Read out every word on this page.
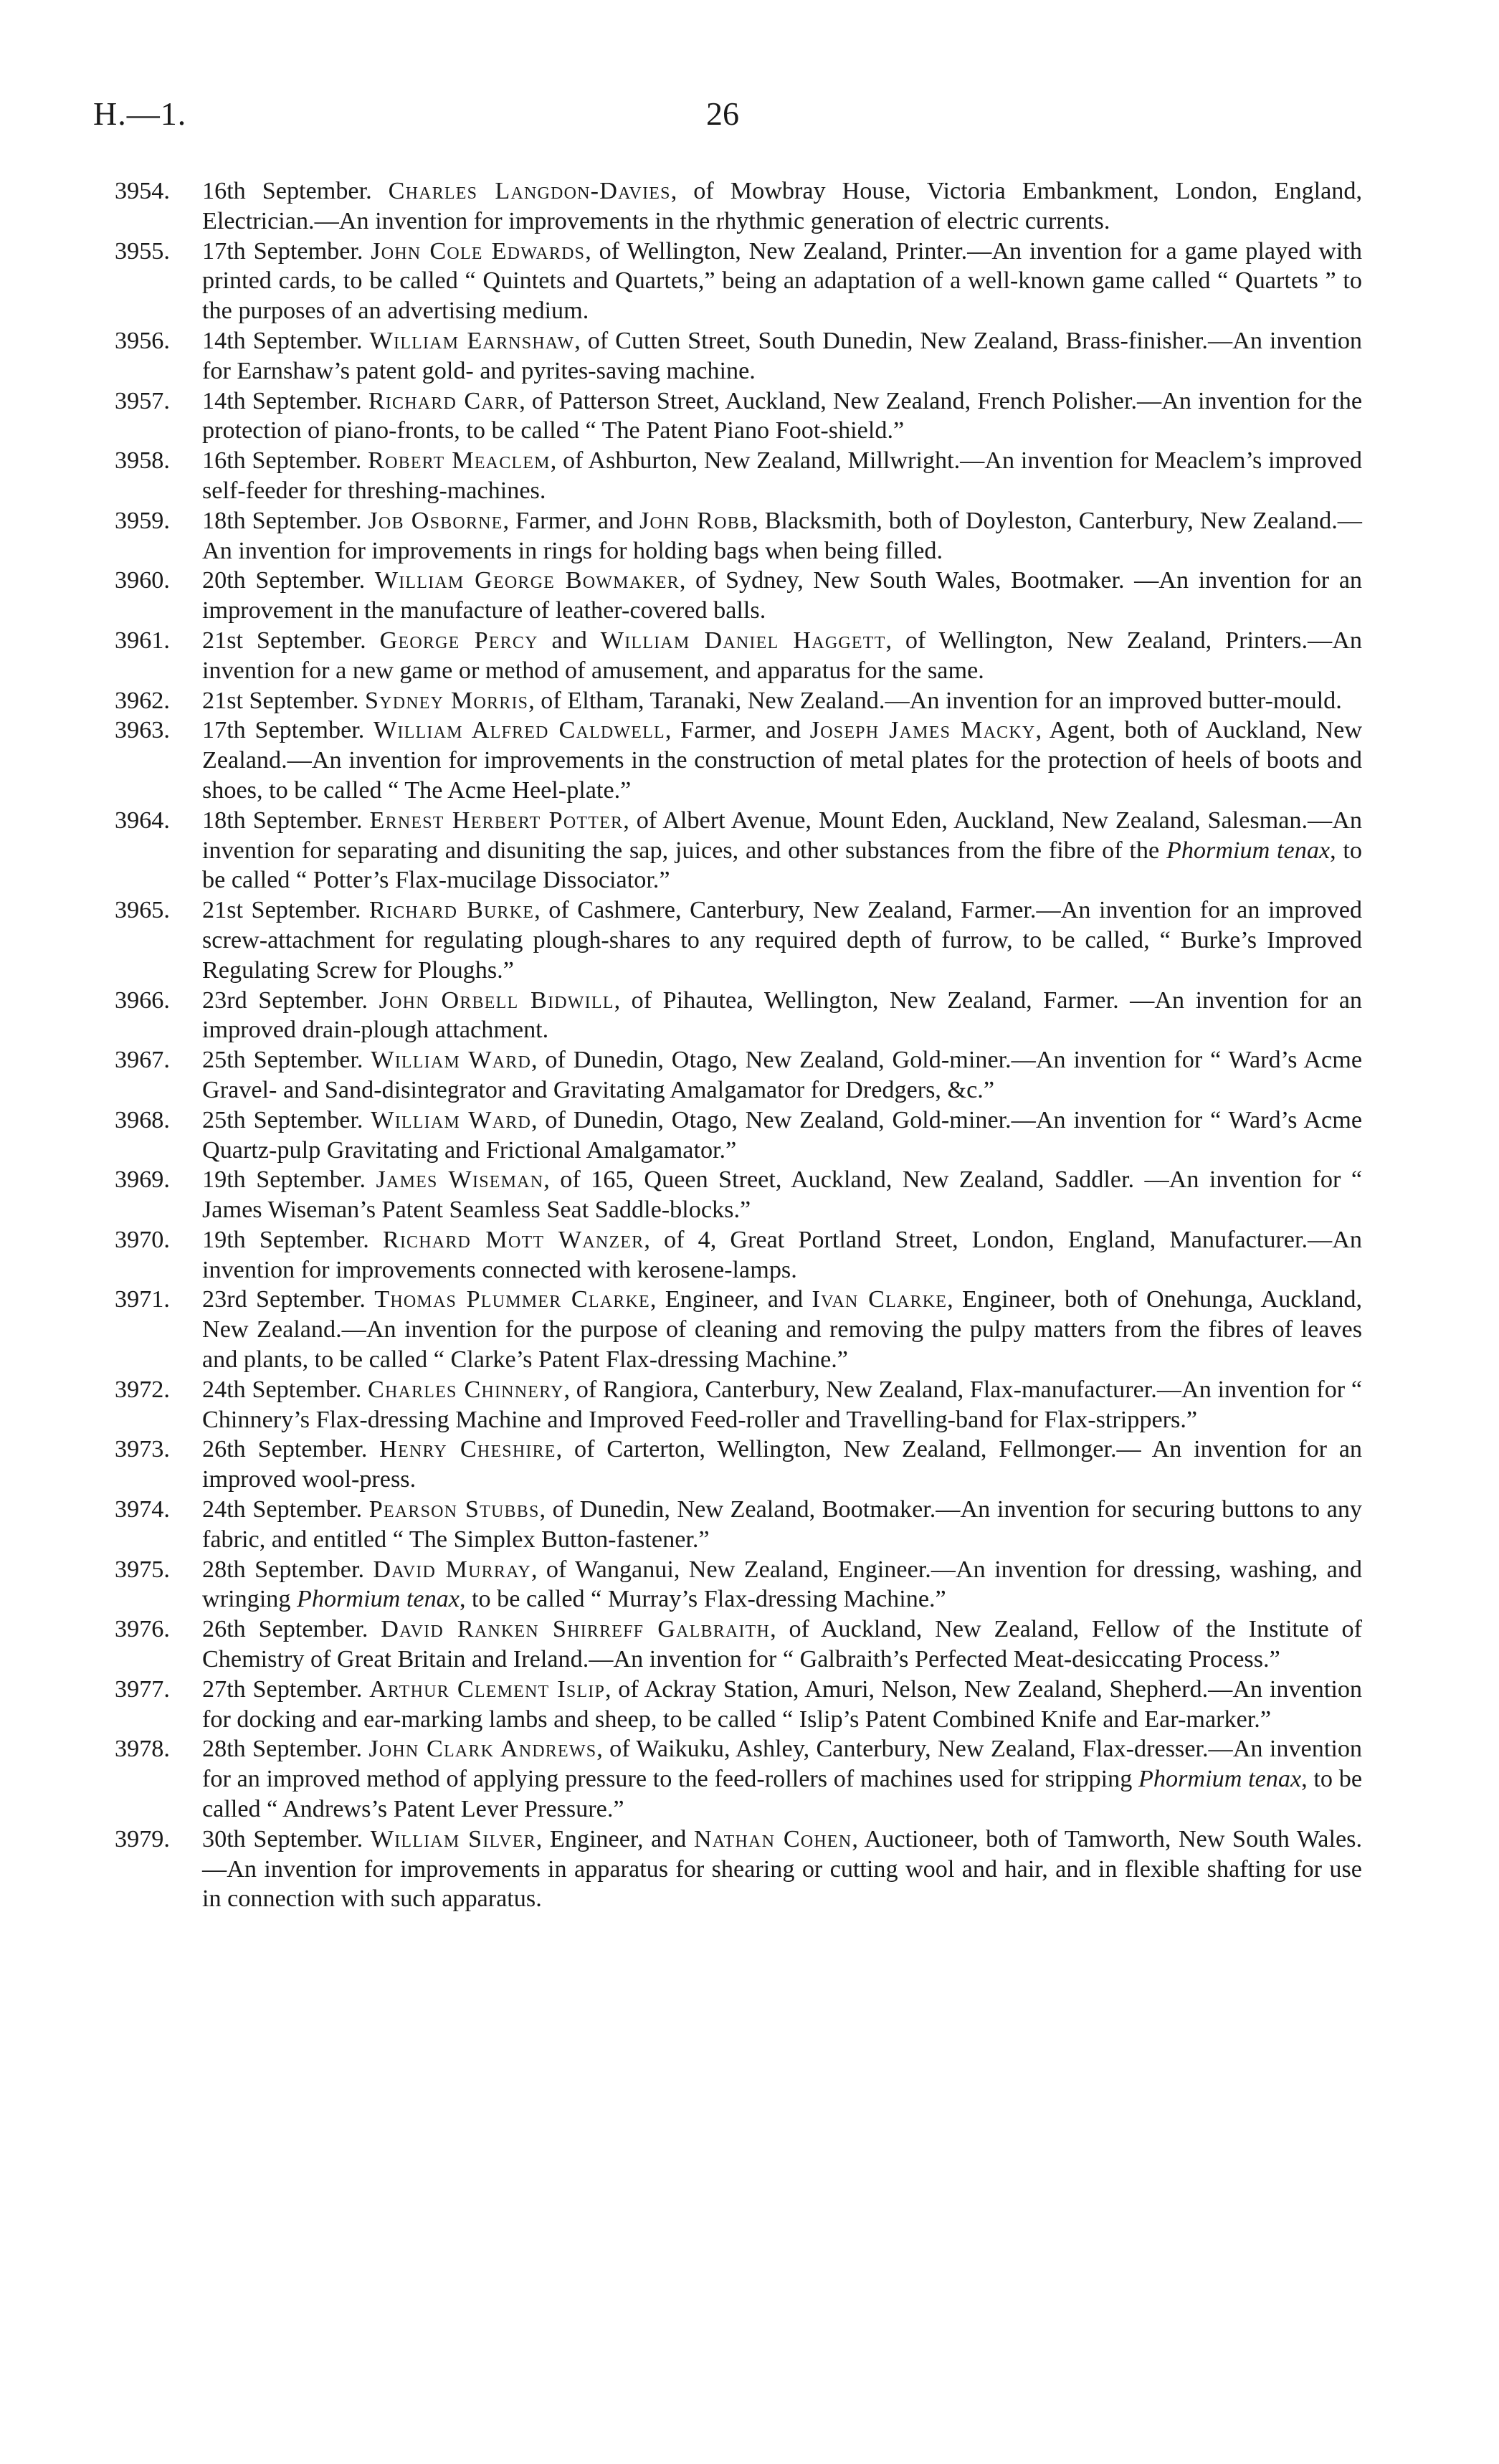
H.—1.	26

3954. 16th September. Charles Langdon-Davies, of Mowbray House, Victoria Embankment, London, England, Electrician.—An invention for improvements in the rhythmic generation of electric currents.

3955. 17th September. John Cole Edwards, of Wellington, New Zealand, Printer.—An invention for a game played with printed cards, to be called “ Quintets and Quartets,” being an adaptation of a well-known game called “ Quartets ” to the purposes of an advertising medium.

3956. 14th September. William Earnshaw, of Cutten Street, South Dunedin, New Zealand, Brass-finisher.—An invention for Earnshaw’s patent gold- and pyrites-saving machine.

3957. 14th September. Richard Carr, of Patterson Street, Auckland, New Zealand, French Polisher.—An invention for the protection of piano-fronts, to be called “ The Patent Piano Foot-shield.”

3958. 16th September. Robert Meaclem, of Ashburton, New Zealand, Millwright.—An invention for Meaclem’s improved self-feeder for threshing-machines.

3959. 18th September. Job Osborne, Farmer, and John Robb, Blacksmith, both of Doyleston, Canterbury, New Zealand.—An invention for improvements in rings for holding bags when being filled.

3960. 20th September. William George Bowmaker, of Sydney, New South Wales, Bootmaker. —An invention for an improvement in the manufacture of leather-covered balls.

3961. 21st September. George Percy and William Daniel Haggett, of Wellington, New Zealand, Printers.—An invention for a new game or method of amusement, and apparatus for the same.

3962. 21st September. Sydney Morris, of Eltham, Taranaki, New Zealand.—An invention for an improved butter-mould.

3963. 17th September. William Alfred Caldwell, Farmer, and Joseph James Macky, Agent, both of Auckland, New Zealand.—An invention for improvements in the construction of metal plates for the protection of heels of boots and shoes, to be called “ The Acme Heel-plate.”

3964. 18th September. Ernest Herbert Potter, of Albert Avenue, Mount Eden, Auckland, New Zealand, Salesman.—An invention for separating and disuniting the sap, juices, and other substances from the fibre of the Phormium tenax, to be called “ Potter’s Flax-mucilage Dissociator.”

3965. 21st September. Richard Burke, of Cashmere, Canterbury, New Zealand, Farmer.—An invention for an improved screw-attachment for regulating plough-shares to any required depth of furrow, to be called, “ Burke’s Improved Regulating Screw for Ploughs.”

3966. 23rd September. John Orbell Bidwill, of Pihautea, Wellington, New Zealand, Farmer. —An invention for an improved drain-plough attachment.

3967. 25th September. William Ward, of Dunedin, Otago, New Zealand, Gold-miner.—An invention for “ Ward’s Acme Gravel- and Sand-disintegrator and Gravitating Amalgamator for Dredgers, &c.”

3968. 25th September. William Ward, of Dunedin, Otago, New Zealand, Gold-miner.—An invention for “ Ward’s Acme Quartz-pulp Gravitating and Frictional Amalgamator.”

3969. 19th September. James Wiseman, of 165, Queen Street, Auckland, New Zealand, Saddler. —An invention for “ James Wiseman’s Patent Seamless Seat Saddle-blocks.”

3970. 19th September. Richard Mott Wanzer, of 4, Great Portland Street, London, England, Manufacturer.—An invention for improvements connected with kerosene-lamps.

3971. 23rd September. Thomas Plummer Clarke, Engineer, and Ivan Clarke, Engineer, both of Onehunga, Auckland, New Zealand.—An invention for the purpose of cleaning and removing the pulpy matters from the fibres of leaves and plants, to be called “ Clarke’s Patent Flax-dressing Machine.”

3972. 24th September. Charles Chinnery, of Rangiora, Canterbury, New Zealand, Flax-manufacturer.—An invention for “ Chinnery’s Flax-dressing Machine and Improved Feed-roller and Travelling-band for Flax-strippers.”

3973. 26th September. Henry Cheshire, of Carterton, Wellington, New Zealand, Fellmonger.— An invention for an improved wool-press.

3974. 24th September. Pearson Stubbs, of Dunedin, New Zealand, Bootmaker.—An invention for securing buttons to any fabric, and entitled “ The Simplex Button-fastener.”

3975. 28th September. David Murray, of Wanganui, New Zealand, Engineer.—An invention for dressing, washing, and wringing Phormium tenax, to be called “ Murray’s Flax-dressing Machine.”

3976. 26th September. David Ranken Shirreff Galbraith, of Auckland, New Zealand, Fellow of the Institute of Chemistry of Great Britain and Ireland.—An invention for “ Galbraith’s Perfected Meat-desiccating Process.”

3977. 27th September. Arthur Clement Islip, of Ackray Station, Amuri, Nelson, New Zealand, Shepherd.—An invention for docking and ear-marking lambs and sheep, to be called “ Islip’s Patent Combined Knife and Ear-marker.”

3978. 28th September. John Clark Andrews, of Waikuku, Ashley, Canterbury, New Zealand, Flax-dresser.—An invention for an improved method of applying pressure to the feed-rollers of machines used for stripping Phormium tenax, to be called “ Andrews’s Patent Lever Pressure.”

3979. 30th September. William Silver, Engineer, and Nathan Cohen, Auctioneer, both of Tamworth, New South Wales.—An invention for improvements in apparatus for shearing or cutting wool and hair, and in flexible shafting for use in connection with such apparatus.
